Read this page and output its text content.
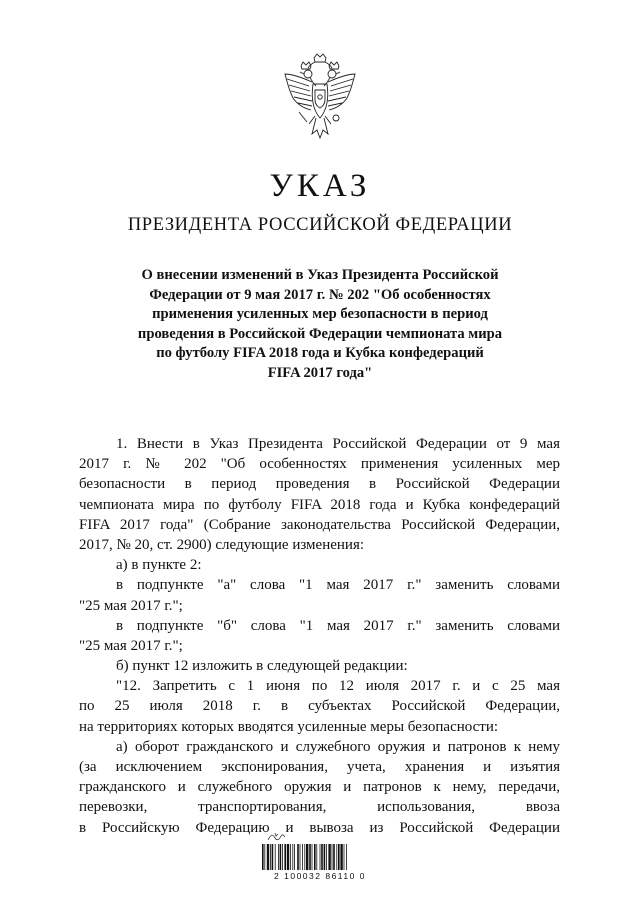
УКАЗ
ПРЕЗИДЕНТА РОССИЙСКОЙ ФЕДЕРАЦИИ
О внесении изменений в Указ Президента Российской
Федерации от 9 мая 2017 г. № 202 "Об особенностях
применения усиленных мер безопасности в период
проведения в Российской Федерации чемпионата мира
по футболу FIFA 2018 года и Кубка конфедераций
FIFA 2017 года"
1. Внести в Указ Президента Российской Федерации от 9 мая
2017 г. № 202 "Об особенностях применения усиленных мер
безопасности в период проведения в Российской Федерации
чемпионата мира по футболу FIFA 2018 года и Кубка конфедераций
FIFA 2017 года" (Собрание законодательства Российской Федерации,
2017, № 20, ст. 2900) следующие изменения:
а) в пункте 2:
в подпункте "а" слова "1 мая 2017 г." заменить словами
"25 мая 2017 г.";
в подпункте "б" слова "1 мая 2017 г." заменить словами
"25 мая 2017 г.";
б) пункт 12 изложить в следующей редакции:
"12. Запретить с 1 июня по 12 июля 2017 г. и с 25 мая
по 25 июля 2018 г. в субъектах Российской Федерации,
на территориях которых вводятся усиленные меры безопасности:
а) оборот гражданского и служебного оружия и патронов к нему
(за исключением экспонирования, учета, хранения и изъятия
гражданского и служебного оружия и патронов к нему, передачи,
перевозки, транспортирования, использования, ввоза
в Российскую Федерацию и вывоза из Российской Федерации
2 100032 86110 0
